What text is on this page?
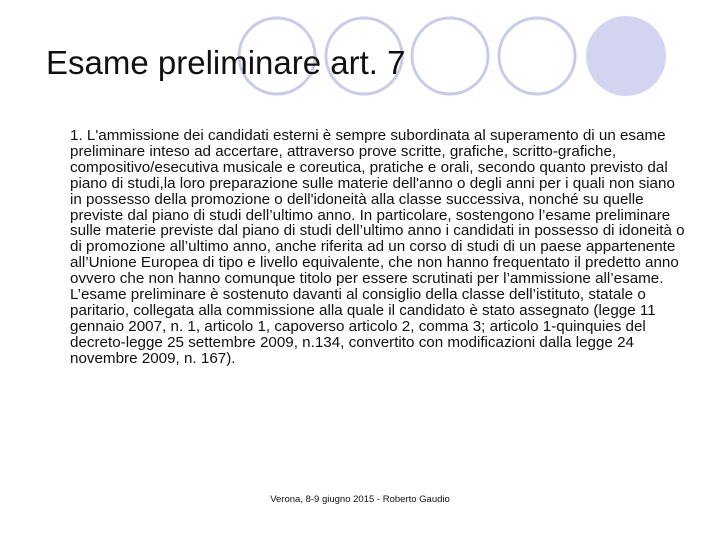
Esame preliminare art. 7
1. L'ammissione dei candidati esterni è sempre subordinata al superamento di un esame preliminare inteso ad accertare, attraverso prove scritte, grafiche, scritto-grafiche, compositivo/esecutiva musicale e coreutica, pratiche e orali, secondo quanto previsto dal piano di studi,la loro preparazione sulle materie dell'anno o degli anni per i quali non siano in possesso della promozione o dell'idoneità alla classe successiva, nonché su quelle previste dal piano di studi dell’ultimo anno. In particolare, sostengono l’esame preliminare sulle materie previste dal piano di studi dell’ultimo anno i candidati in possesso di idoneità o di promozione all’ultimo anno, anche riferita ad un corso di studi di un paese appartenente all’Unione Europea di tipo e livello equivalente, che non hanno frequentato il predetto anno ovvero che non hanno comunque titolo per essere scrutinati per l’ammissione all’esame. L’esame preliminare è sostenuto davanti al consiglio della classe dell’istituto, statale o paritario, collegata alla commissione alla quale il candidato è stato assegnato (legge 11 gennaio 2007, n. 1, articolo 1, capoverso articolo 2, comma 3; articolo 1-quinquies del decreto-legge 25 settembre 2009, n.134, convertito con modificazioni dalla legge 24 novembre 2009, n. 167).
Verona, 8-9 giugno 2015 - Roberto Gaudio
